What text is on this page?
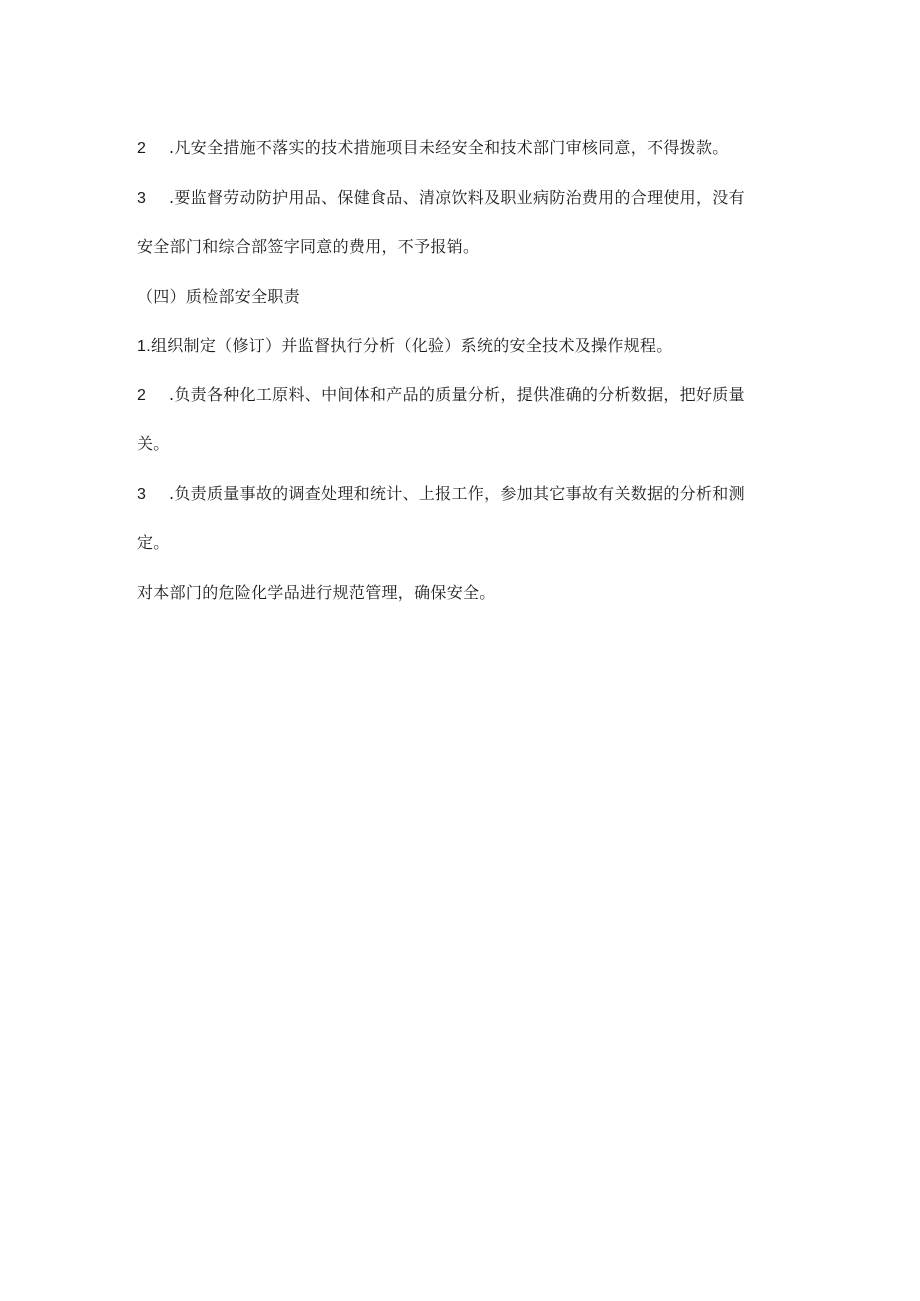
2 .凡安全措施不落实的技术措施项目未经安全和技术部门审核同意，不得拨款。
3 .要监督劳动防护用品、保健食品、清凉饮料及职业病防治费用的合理使用，没有
安全部门和综合部签字同意的费用，不予报销。
（四）质检部安全职责
1.组织制定（修订）并监督执行分析（化验）系统的安全技术及操作规程。
2 .负责各种化工原料、中间体和产品的质量分析，提供准确的分析数据，把好质量
关。
3 .负责质量事故的调查处理和统计、上报工作，参加其它事故有关数据的分析和测
定。
对本部门的危险化学品进行规范管理，确保安全。
